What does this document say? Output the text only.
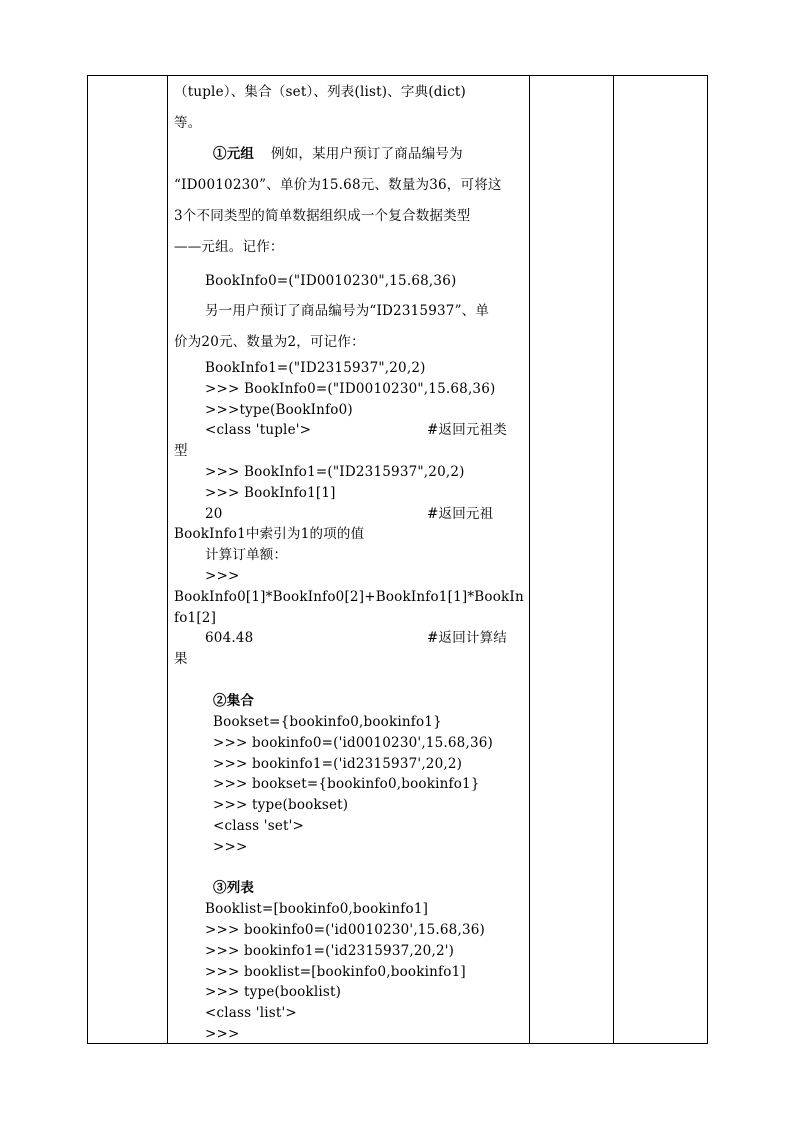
（tuple）、集合（set）、列表(list)、字典(dict)
等。
①元组 例如，某用户预订了商品编号为
“ID0010230”、单价为15.68元、数量为36，可将这
3个不同类型的简单数据组织成一个复合数据类型
——元组。记作：
BookInfo0=("ID0010230",15.68,36)
另一用户预订了商品编号为“ID2315937”、单
价为20元、数量为2，可记作：
BookInfo1=("ID2315937",20,2)
>>> BookInfo0=("ID0010230",15.68,36)
>>>type(BookInfo0)
<class 'tuple'>	#返回元祖类
型
>>> BookInfo1=("ID2315937",20,2)
>>> BookInfo1[1]
20	#返回元祖
BookInfo1中索引为1的项的值
计算订单额：
>>>
BookInfo0[1]*BookInfo0[2]+BookInfo1[1]*BookIn
fo1[2]
604.48	#返回计算结
果
②集合
Bookset={bookinfo0,bookinfo1}
>>> bookinfo0=('id0010230',15.68,36)
>>> bookinfo1=('id2315937',20,2)
>>> bookset={bookinfo0,bookinfo1}
>>> type(bookset)
<class 'set'>
>>>
③列表
Booklist=[bookinfo0,bookinfo1]
>>> bookinfo0=('id0010230',15.68,36)
>>> bookinfo1=('id2315937,20,2')
>>> booklist=[bookinfo0,bookinfo1]
>>> type(booklist)
<class 'list'>
>>>
